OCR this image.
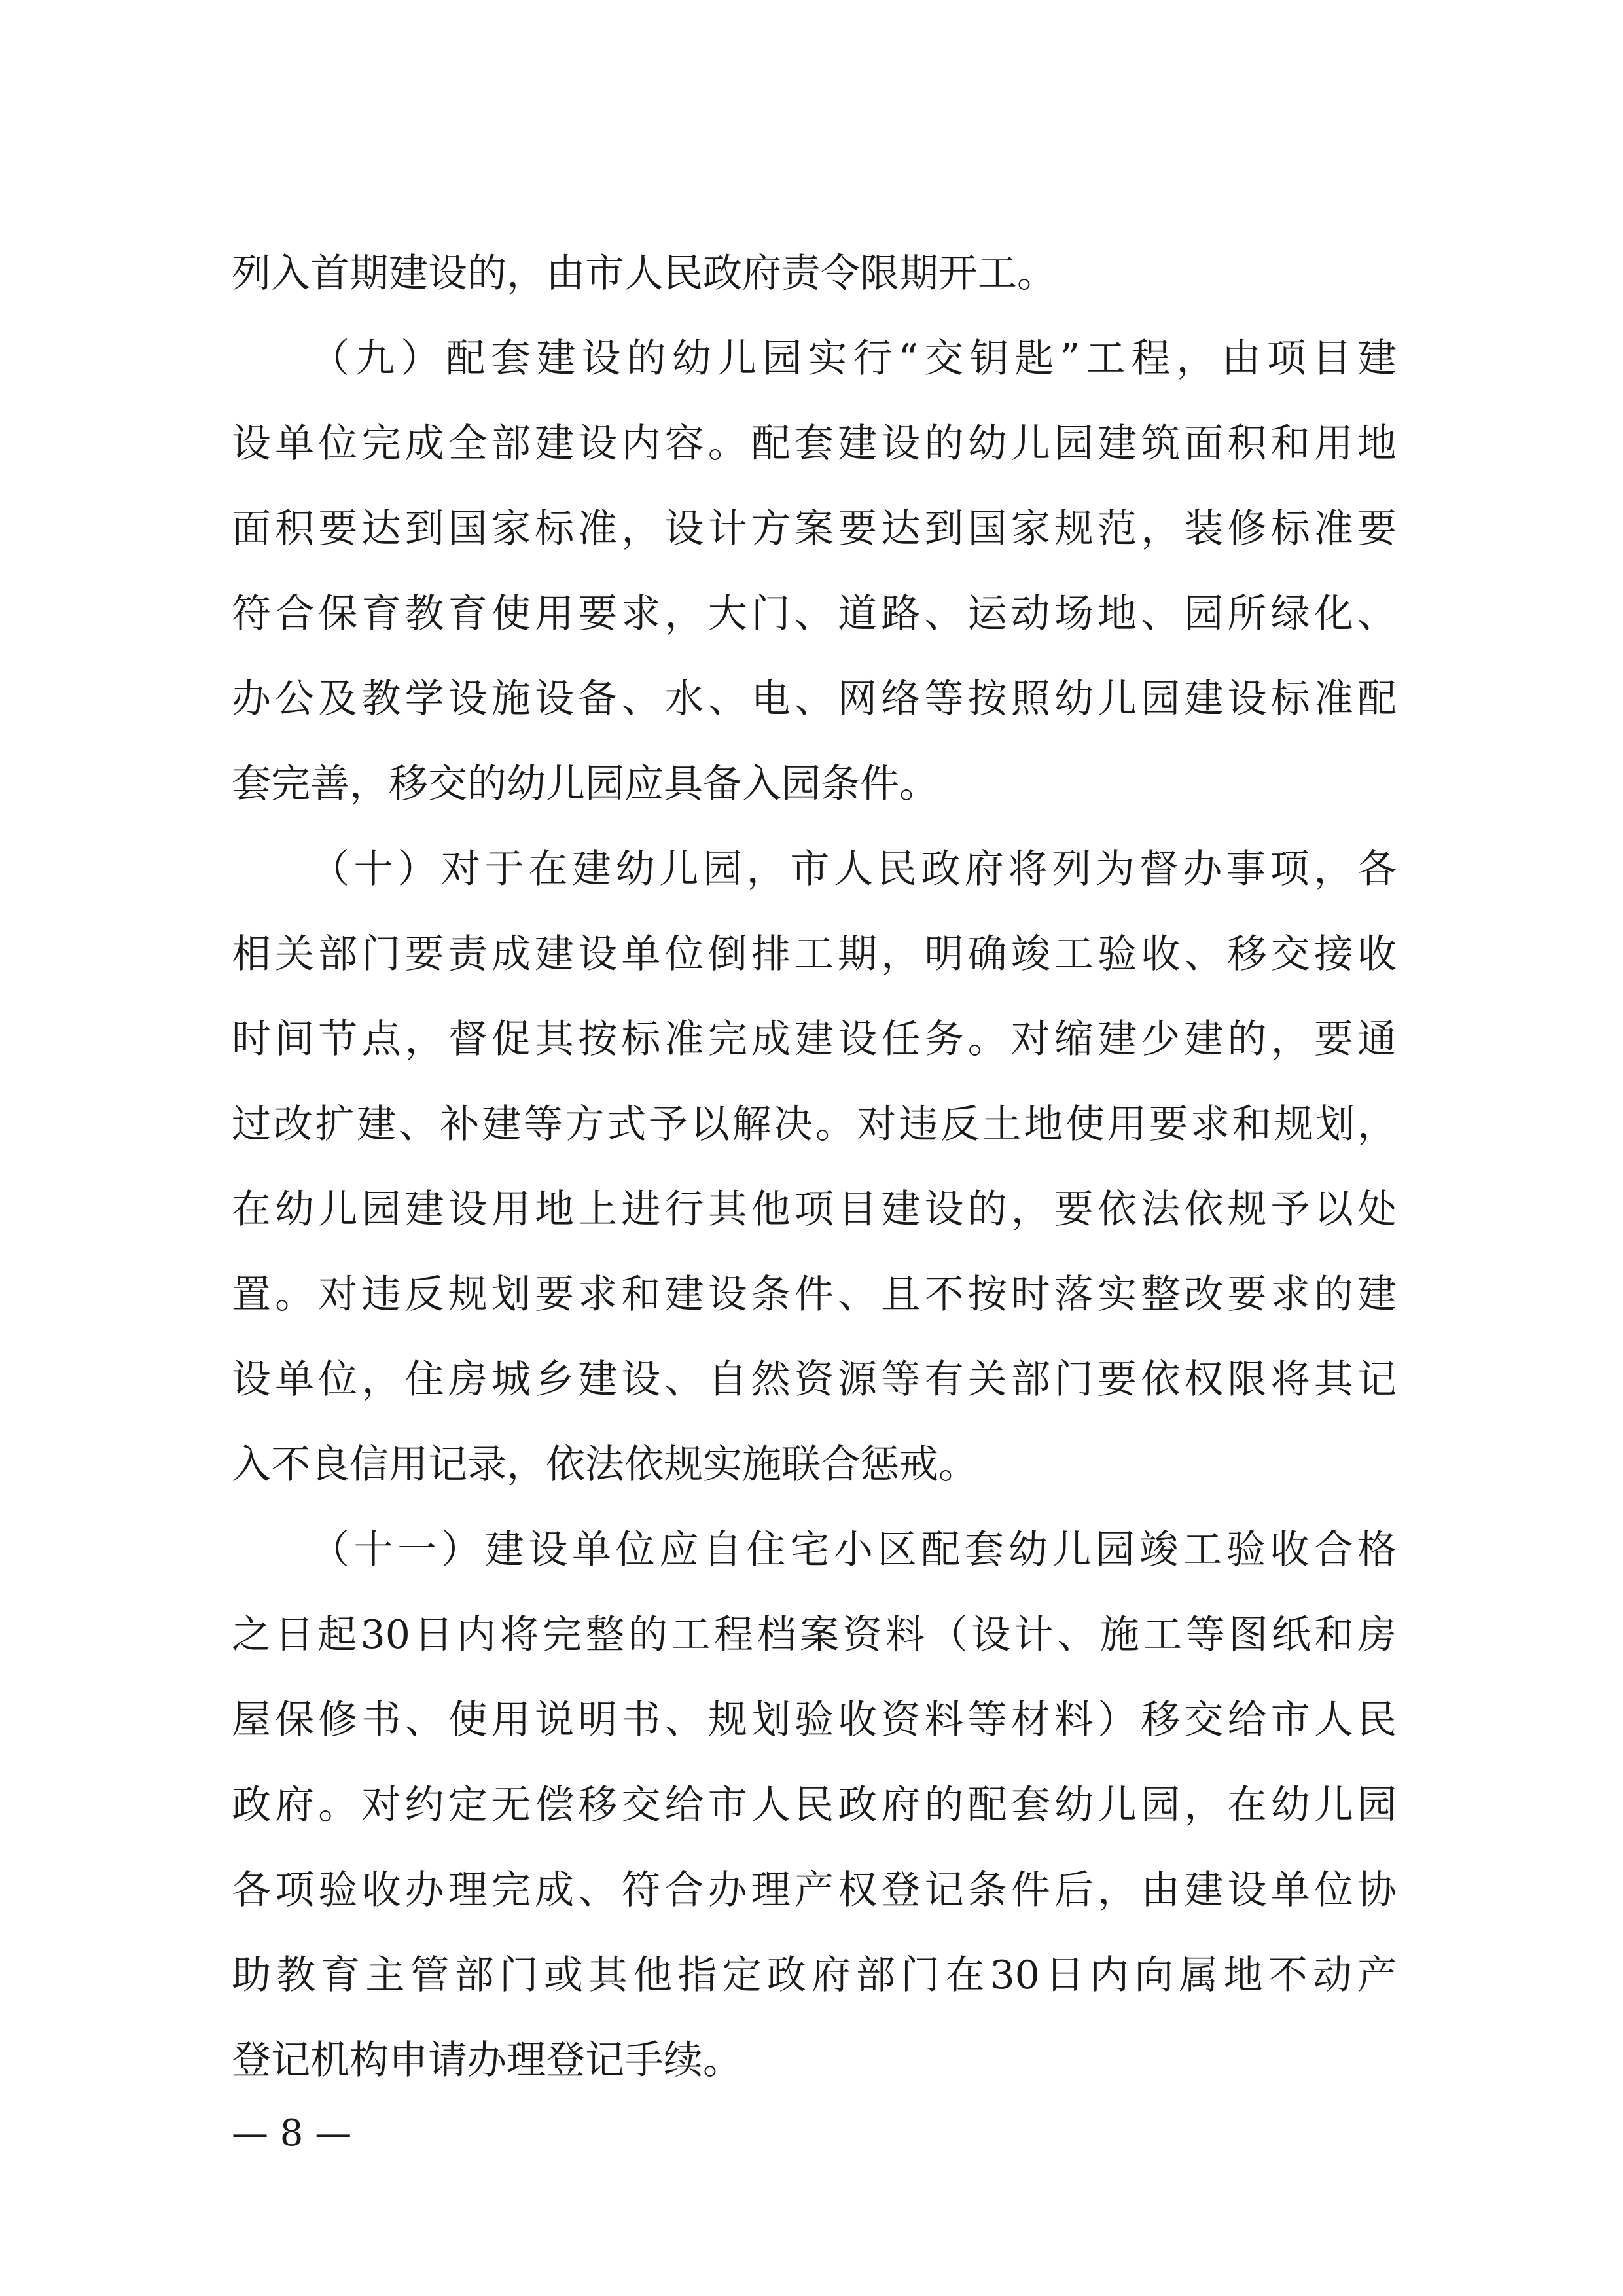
列入首期建设的，由市人民政府责令限期开工。
（九）配套建设的幼儿园实行“交钥匙”工程，由项目建
设单位完成全部建设内容。配套建设的幼儿园建筑面积和用地
面积要达到国家标准，设计方案要达到国家规范，装修标准要
符合保育教育使用要求，大门、道路、运动场地、园所绿化、
办公及教学设施设备、水、电、网络等按照幼儿园建设标准配
套完善，移交的幼儿园应具备入园条件。
（十）对于在建幼儿园，市人民政府将列为督办事项，各
相关部门要责成建设单位倒排工期，明确竣工验收、移交接收
时间节点，督促其按标准完成建设任务。对缩建少建的，要通
过改扩建、补建等方式予以解决。对违反土地使用要求和规划，
在幼儿园建设用地上进行其他项目建设的，要依法依规予以处
置。对违反规划要求和建设条件、且不按时落实整改要求的建
设单位，住房城乡建设、自然资源等有关部门要依权限将其记
入不良信用记录，依法依规实施联合惩戒。
（十一）建设单位应自住宅小区配套幼儿园竣工验收合格
之日起30日内将完整的工程档案资料（设计、施工等图纸和房
屋保修书、使用说明书、规划验收资料等材料）移交给市人民
政府。对约定无偿移交给市人民政府的配套幼儿园，在幼儿园
各项验收办理完成、符合办理产权登记条件后，由建设单位协
助教育主管部门或其他指定政府部门在30日内向属地不动产
登记机构申请办理登记手续。
— 8 —
